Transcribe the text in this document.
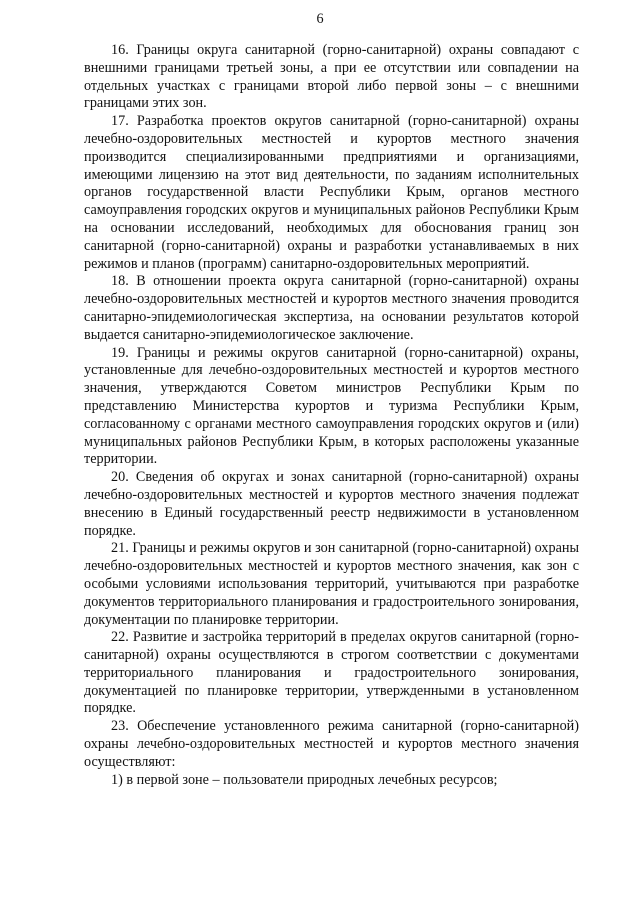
6

16. Границы округа санитарной (горно-санитарной) охраны совпадают с внешними границами третьей зоны, а при ее отсутствии или совпадении на отдельных участках с границами второй либо первой зоны – с внешними границами этих зон.

17. Разработка проектов округов санитарной (горно-санитарной) охраны лечебно-оздоровительных местностей и курортов местного значения производится специализированными предприятиями и организациями, имеющими лицензию на этот вид деятельности, по заданиям исполнительных органов государственной власти Республики Крым, органов местного самоуправления городских округов и муниципальных районов Республики Крым на основании исследований, необходимых для обоснования границ зон санитарной (горно-санитарной) охраны и разработки устанавливаемых в них режимов и планов (программ) санитарно-оздоровительных мероприятий.

18. В отношении проекта округа санитарной (горно-санитарной) охраны лечебно-оздоровительных местностей и курортов местного значения проводится санитарно-эпидемиологическая экспертиза, на основании результатов которой выдается санитарно-эпидемиологическое заключение.

19. Границы и режимы округов санитарной (горно-санитарной) охраны, установленные для лечебно-оздоровительных местностей и курортов местного значения, утверждаются Советом министров Республики Крым по представлению Министерства курортов и туризма Республики Крым, согласованному с органами местного самоуправления городских округов и (или) муниципальных районов Республики Крым, в которых расположены указанные территории.

20. Сведения об округах и зонах санитарной (горно-санитарной) охраны лечебно-оздоровительных местностей и курортов местного значения подлежат внесению в Единый государственный реестр недвижимости в установленном порядке.

21. Границы и режимы округов и зон санитарной (горно-санитарной) охраны лечебно-оздоровительных местностей и курортов местного значения, как зон с особыми условиями использования территорий, учитываются при разработке документов территориального планирования и градостроительного зонирования, документации по планировке территории.

22. Развитие и застройка территорий в пределах округов санитарной (горно-санитарной) охраны осуществляются в строгом соответствии с документами территориального планирования и градостроительного зонирования, документацией по планировке территории, утвержденными в установленном порядке.

23. Обеспечение установленного режима санитарной (горно-санитарной) охраны лечебно-оздоровительных местностей и курортов местного значения осуществляют:

1) в первой зоне – пользователи природных лечебных ресурсов;
